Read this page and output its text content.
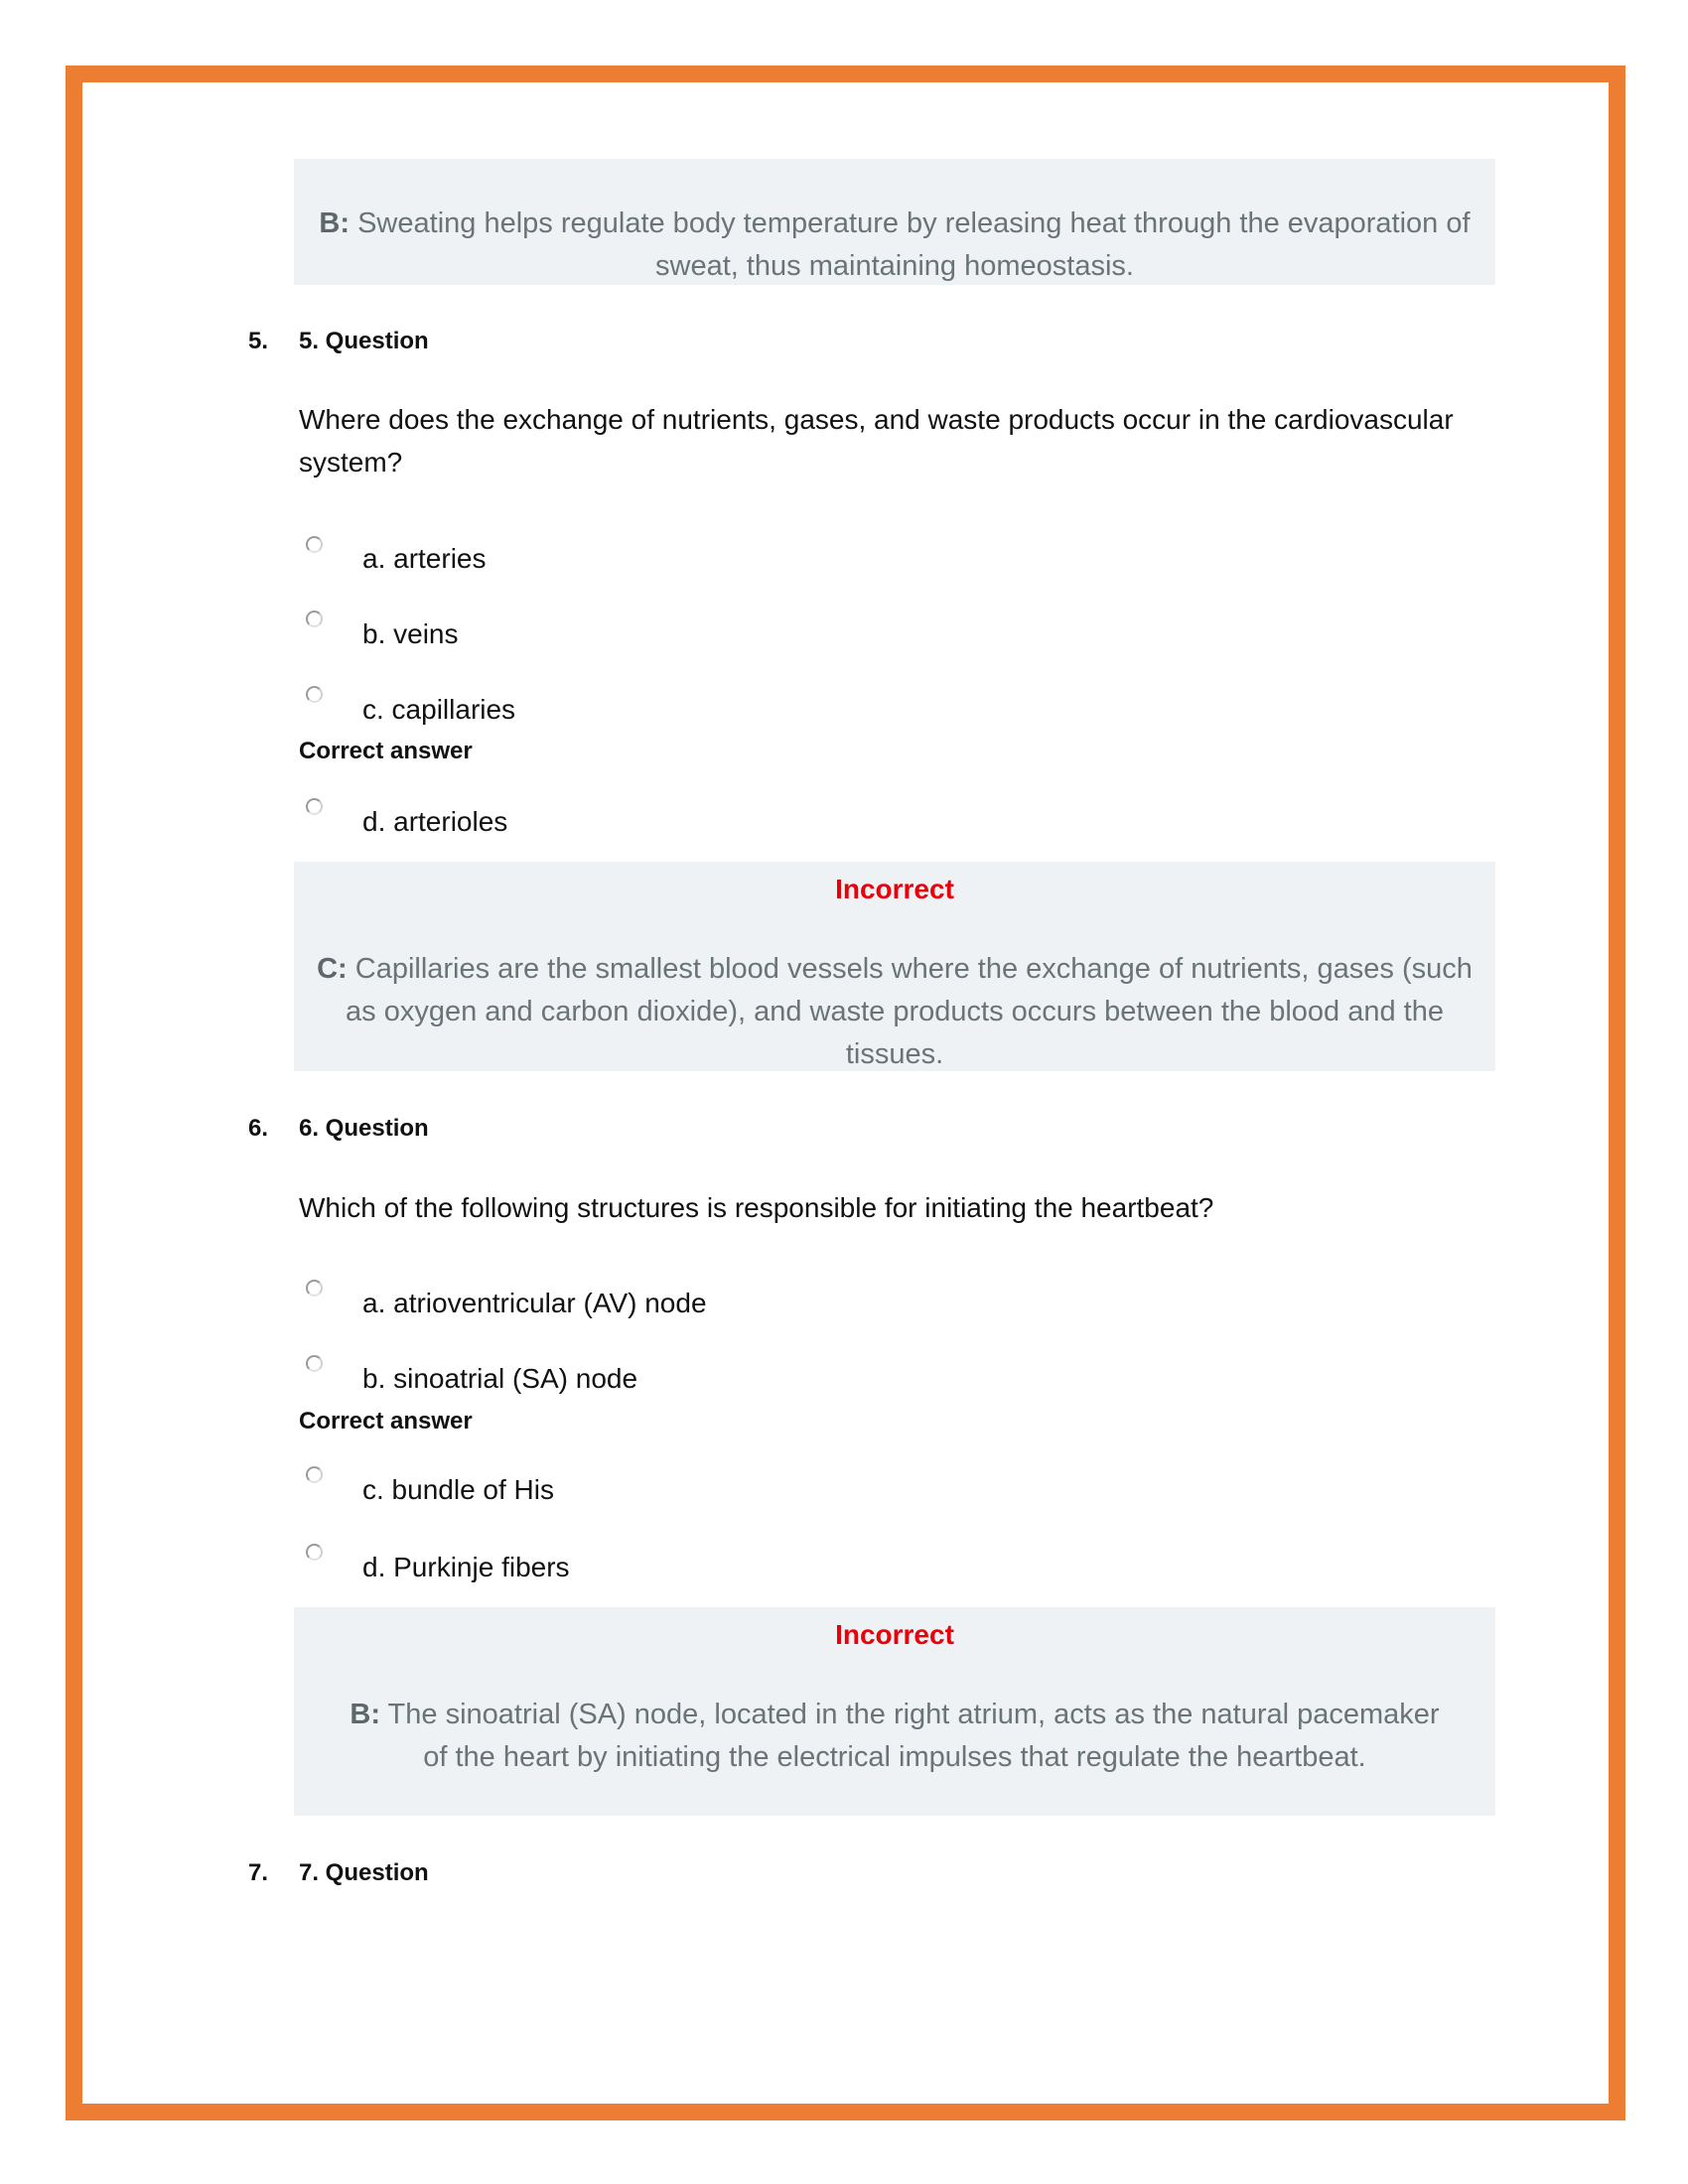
B: Sweating helps regulate body temperature by releasing heat through the evaporation of sweat, thus maintaining homeostasis.
5. 5. Question
Where does the exchange of nutrients, gases, and waste products occur in the cardiovascular system?
a. arteries
b. veins
c. capillaries
Correct answer
d. arterioles
Incorrect
C: Capillaries are the smallest blood vessels where the exchange of nutrients, gases (such as oxygen and carbon dioxide), and waste products occurs between the blood and the tissues.
6. 6. Question
Which of the following structures is responsible for initiating the heartbeat?
a. atrioventricular (AV) node
b. sinoatrial (SA) node
Correct answer
c. bundle of His
d. Purkinje fibers
Incorrect
B: The sinoatrial (SA) node, located in the right atrium, acts as the natural pacemaker of the heart by initiating the electrical impulses that regulate the heartbeat.
7. 7. Question
